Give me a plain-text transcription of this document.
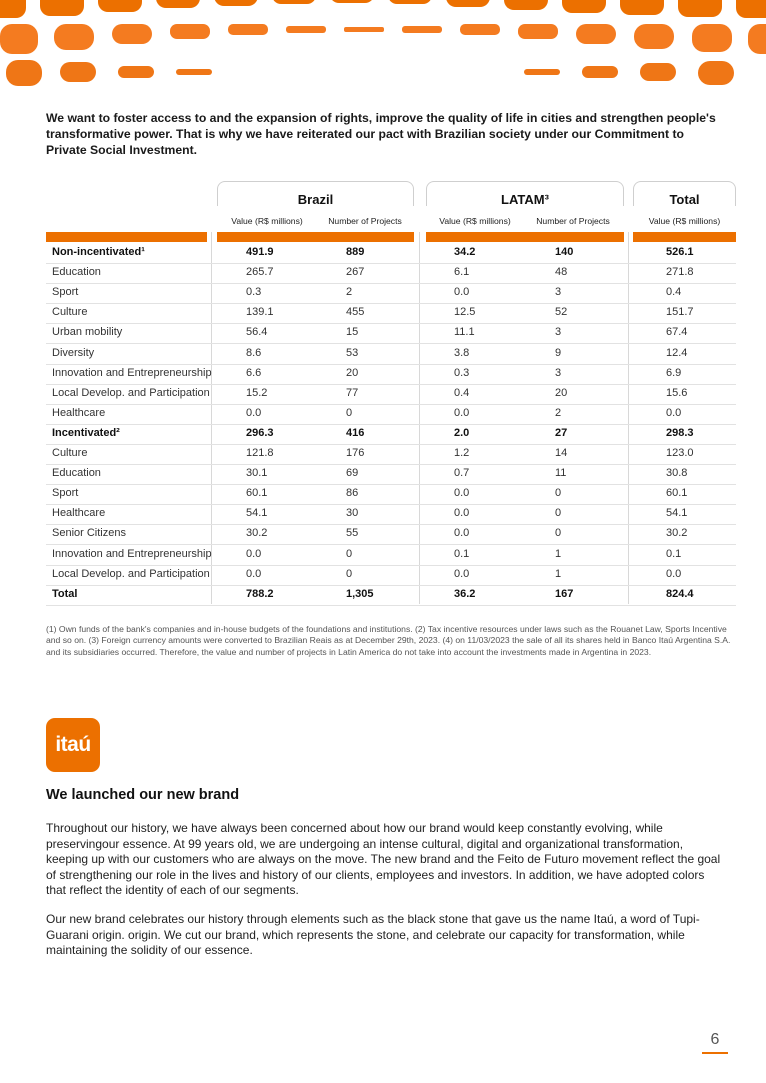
We want to foster access to and the expansion of rights, improve the quality of life in cities and strengthen people's transformative power. That is why we have reiterated our pact with Brazilian society under our Commitment to Private Social Investment.

Brazil	LATAM³	Total
Value (R$ millions)	Number of Projects	Value (R$ millions)	Number of Projects	Value (R$ millions)
Non-incentivated¹	491.9	889	34.2	140	526.1
Education	265.7	267	6.1	48	271.8
Sport	0.3	2	0.0	3	0.4
Culture	139.1	455	12.5	52	151.7
Urban mobility	56.4	15	11.1	3	67.4
Diversity	8.6	53	3.8	9	12.4
Innovation and Entrepreneurship	6.6	20	0.3	3	6.9
Local Develop. and Participation	15.2	77	0.4	20	15.6
Healthcare	0.0	0	0.0	2	0.0
Incentivated²	296.3	416	2.0	27	298.3
Culture	121.8	176	1.2	14	123.0
Education	30.1	69	0.7	11	30.8
Sport	60.1	86	0.0	0	60.1
Healthcare	54.1	30	0.0	0	54.1
Senior Citizens	30.2	55	0.0	0	30.2
Innovation and Entrepreneurship	0.0	0	0.1	1	0.1
Local Develop. and Participation	0.0	0	0.0	1	0.0
Total	788.2	1,305	36.2	167	824.4

(1) Own funds of the bank's companies and in-house budgets of the foundations and institutions. (2) Tax incentive resources under laws such as the Rouanet Law, Sports Incentive and so on. (3) Foreign currency amounts were converted to Brazilian Reais as at December 29th, 2023. (4) on 11/03/2023 the sale of all its shares held in Banco Itaú Argentina S.A. and its subsidiaries occurred. Therefore, the value and number of projects in Latin America do not take into account the investments made in Argentina in 2023.

itaú
We launched our new brand

Throughout our history, we have always been concerned about how our brand would keep constantly evolving, while preservingour essence. At 99 years old, we are undergoing an intense cultural, digital and organizational transformation, keeping up with our customers who are always on the move. The new brand and the Feito de Futuro movement reflect the goal of strengthening our role in the lives and history of our clients, employees and investors. In addition, we have adopted colors that reflect the identity of each of our segments.

Our new brand celebrates our history through elements such as the black stone that gave us the name Itaú, a word of Tupi-Guarani origin. origin. We cut our brand, which represents the stone, and celebrate our capacity for transformation, while maintaining the solidity of our essence.

6
